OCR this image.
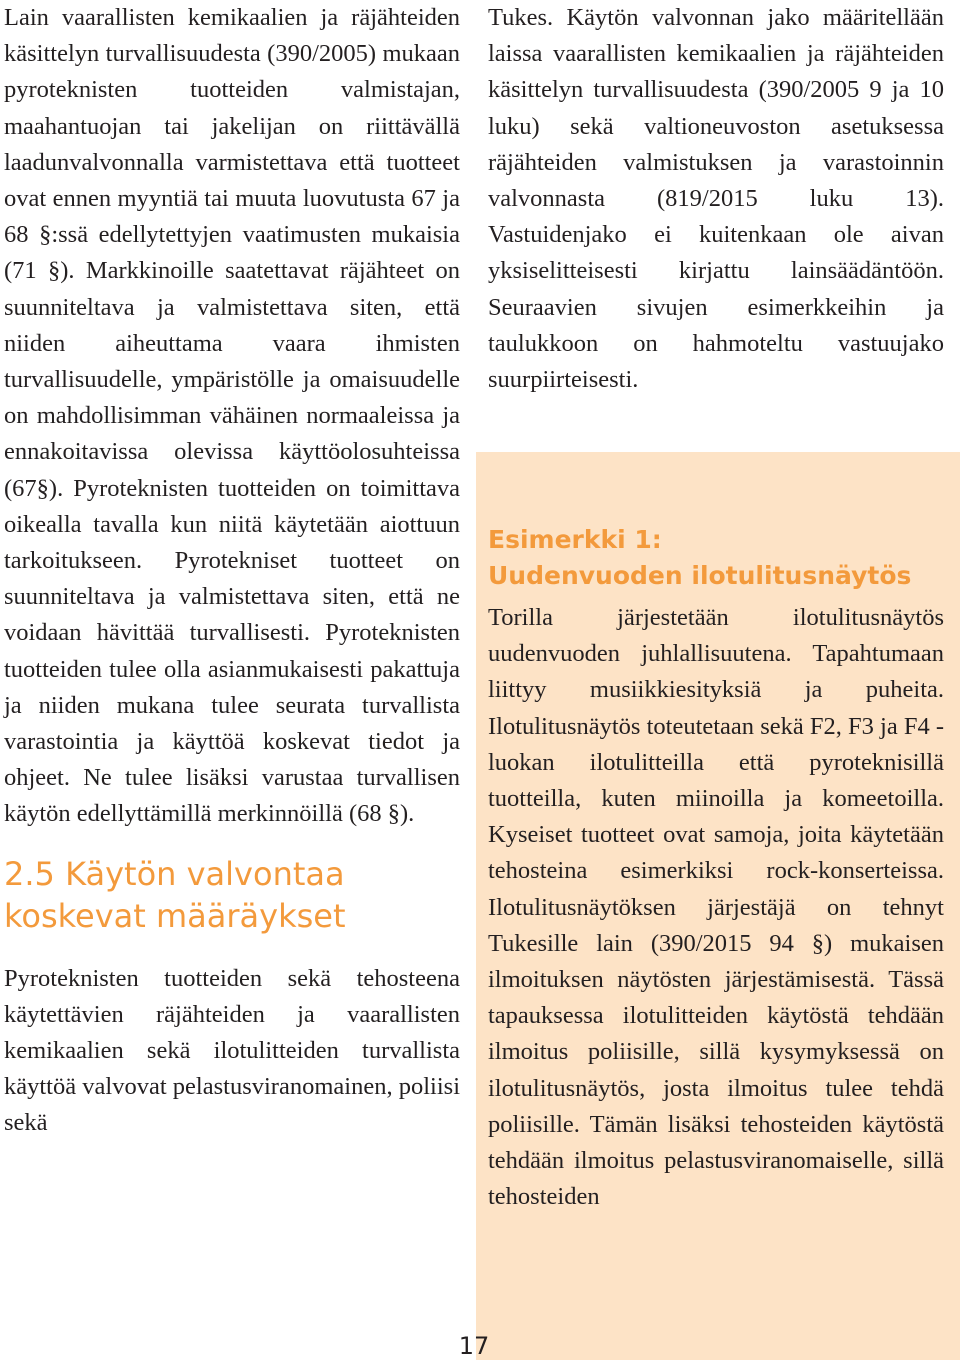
Lain vaarallisten kemikaalien ja räjähteiden käsittelyn turvallisuudesta (390/2005) mukaan pyroteknisten tuotteiden valmistajan, maahantuojan tai jakelijan on riittävällä laadunvalvonnalla varmistettava että tuotteet ovat ennen myyntiä tai muuta luovutusta 67 ja 68 §:ssä edellytettyjen vaatimusten mukaisia (71 §). Markkinoille saatettavat räjähteet on suunniteltava ja valmistettava siten, että niiden aiheuttama vaara ihmisten turvallisuudelle, ympäristölle ja omaisuudelle on mahdollisimman vähäinen normaaleissa ja ennakoitavissa olevissa käyttöolosuhteissa (67§). Pyroteknisten tuotteiden on toimittava oikealla tavalla kun niitä käytetään aiottuun tarkoitukseen. Pyrotekniset tuotteet on suunniteltava ja valmistettava siten, että ne voidaan hävittää turvallisesti. Pyroteknisten tuotteiden tulee olla asianmukaisesti pakattuja ja niiden mukana tulee seurata turvallista varastointia ja käyttöä koskevat tiedot ja ohjeet. Ne tulee lisäksi varustaa turvallisen käytön edellyttämillä merkinnöillä (68 §).

2.5 Käytön valvontaa koskevat määräykset

Pyroteknisten tuotteiden sekä tehosteena käytettävien räjähteiden ja vaarallisten kemikaalien sekä ilotulitteiden turvallista käyttöä valvovat pelastusviranomainen, poliisi sekä

Tukes. Käytön valvonnan jako määritellään laissa vaarallisten kemikaalien ja räjähteiden käsittelyn turvallisuudesta (390/2005 9 ja 10 luku) sekä valtioneuvoston asetuksessa räjähteiden valmistuksen ja varastoinnin valvonnasta (819/2015 luku 13). Vastuidenjako ei kuitenkaan ole aivan yksiselitteisesti kirjattu lainsäädäntöön. Seuraavien sivujen esimerkkeihin ja taulukkoon on hahmoteltu vastuujako suurpiirteisesti.

Esimerkki 1:
Uudenvuoden ilotulitusnäytös

Torilla järjestetään ilotulitusnäytös uudenvuoden juhlallisuutena. Tapahtumaan liittyy musiikkiesityksiä ja puheita. Ilotulitusnäytös toteutetaan sekä F2, F3 ja F4 -luokan ilotulitteilla että pyroteknisillä tuotteilla, kuten miinoilla ja komeetoilla. Kyseiset tuotteet ovat samoja, joita käytetään tehosteina esimerkiksi rock-konserteissa. Ilotulitusnäytöksen järjestäjä on tehnyt Tukesille lain (390/2015 94 §) mukaisen ilmoituksen näytösten järjestämisestä. Tässä tapauksessa ilotulitteiden käytöstä tehdään ilmoitus poliisille, sillä kysymyksessä on ilotulitusnäytös, josta ilmoitus tulee tehdä poliisille. Tämän lisäksi tehosteiden käytöstä tehdään ilmoitus pelastusviranomaiselle, sillä tehosteiden

17
